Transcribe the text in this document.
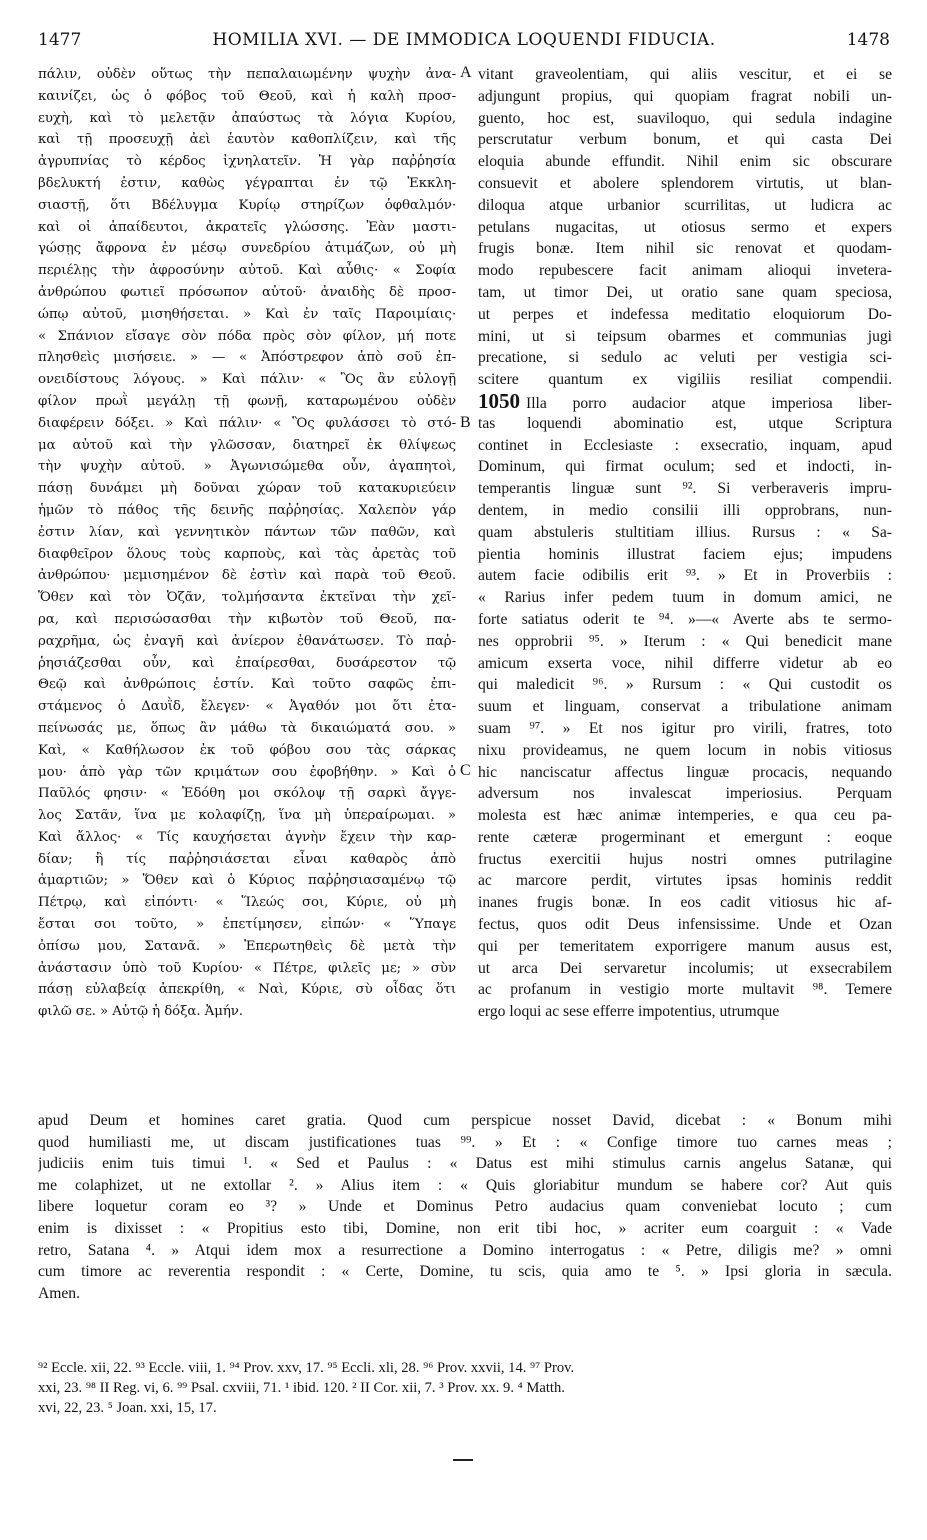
1477	HOMILIA XVI. — DE IMMODICA LOQUENDI FIDUCIA.	1478
πάλιν, οὐδὲν οὕτως τὴν πεπαλαιωμένην ψυχὴν ἀνα-
καινίζει, ὡς ὁ φόβος τοῦ Θεοῦ, καὶ ἡ καλὴ προσ-
ευχὴ, καὶ τὸ μελετᾷν ἀπαύστως τὰ λόγια Κυρίου,
καὶ τῇ προσευχῇ ἀεὶ ἑαυτὸν καθοπλίζειν, καὶ τῆς
ἀγρυπνίας τὸ κέρδος ἰχνηλατεῖν. Ἡ γὰρ παῤῥησία
βδελυκτή ἐστιν, καθὼς γέγραπται ἐν τῷ Ἐκκλη-
σιαστῇ, ὅτι Βδέλυγμα Κυρίῳ στηρίζων ὀφθαλμόν·
καὶ οἱ ἀπαίδευτοι, ἀκρατεῖς γλώσσης. Ἐὰν μαστι-
γώσῃς ἄφρονα ἐν μέσῳ συνεδρίου ἀτιμάζων, οὐ μὴ
περιέλῃς τὴν ἀφροσύνην αὐτοῦ. Καὶ αὖθις· « Σοφία
ἀνθρώπου φωτιεῖ πρόσωπον αὐτοῦ· ἀναιδὴς δὲ προσ-
ώπῳ αὐτοῦ, μισηθήσεται. » Καὶ ἐν ταῖς Παροιμίαις·
« Σπάνιον εἴσαγε σὸν πόδα πρὸς σὸν φίλον, μή ποτε
πλησθεὶς μισήσειε. » — « Ἀπόστρεφον ἀπὸ σοῦ ἐπ-
ονειδίστους λόγους. » Καὶ πάλιν· « Ὃς ἂν εὐλογῇ
φίλον πρωῒ μεγάλῃ τῇ φωνῇ, καταρωμένου οὐδὲν
διαφέρειν δόξει. » Καὶ πάλιν· « Ὃς φυλάσσει τὸ στό-
μα αὐτοῦ καὶ τὴν γλῶσσαν, διατηρεῖ ἐκ θλίψεως
τὴν ψυχὴν αὐτοῦ. » Ἀγωνισώμεθα οὖν, ἀγαπητοὶ,
πάσῃ δυνάμει μὴ δοῦναι χώραν τοῦ κατακυριεύειν
ἡμῶν τὸ πάθος τῆς δεινῆς παῤῥησίας. Χαλεπὸν γάρ
ἐστιν λίαν, καὶ γεννητικὸν πάντων τῶν παθῶν, καὶ
διαφθεῖρον ὅλους τοὺς καρποὺς, καὶ τὰς ἀρετὰς τοῦ
ἀνθρώπου· μεμισημένον δὲ ἐστὶν καὶ παρὰ τοῦ Θεοῦ.
Ὅθεν καὶ τὸν Ὀζᾶν, τολμήσαντα ἐκτεῖναι τὴν χεῖ-
ρα, καὶ περισώσασθαι τὴν κιβωτὸν τοῦ Θεοῦ, πα-
ραχρῆμα, ὡς ἐναγῆ καὶ ἀνίερον ἐθανάτωσεν. Τὸ παῤ-
ῥησιάζεσθαι οὖν, καὶ ἐπαίρεσθαι, δυσάρεστον τῷ
Θεῷ καὶ ἀνθρώποις ἐστίν. Καὶ τοῦτο σαφῶς ἐπι-
στάμενος ὁ Δαυῒδ, ἔλεγεν· « Ἀγαθόν μοι ὅτι ἐτα-
πείνωσάς με, ὅπως ἂν μάθω τὰ δικαιώματά σου. »
Καὶ, « Καθήλωσον ἐκ τοῦ φόβου σου τὰς σάρκας
μου· ἀπὸ γὰρ τῶν κριμάτων σου ἐφοβήθην. » Καὶ ὁ
Παῦλός φησιν· « Ἐδόθη μοι σκόλοψ τῇ σαρκὶ ἄγγε-
λος Σατᾶν, ἵνα με κολαφίζῃ, ἵνα μὴ ὑπεραίρωμαι. »
Καὶ ἄλλος· « Τίς καυχήσεται ἁγνὴν ἔχειν τὴν καρ-
δίαν; ἢ τίς παῤῥησιάσεται εἶναι καθαρὸς ἀπὸ
ἁμαρτιῶν; » Ὅθεν καὶ ὁ Κύριος παῤῥησιασαμένῳ τῷ
Πέτρῳ, καὶ εἰπόντι· « Ἵλεώς σοι, Κύριε, οὐ μὴ
ἔσται σοι τοῦτο, » ἐπετίμησεν, εἰπών· « Ὕπαγε
ὀπίσω μου, Σατανᾶ. » Ἐπερωτηθεὶς δὲ μετὰ τὴν
ἀνάστασιν ὑπὸ τοῦ Κυρίου· « Πέτρε, φιλεῖς με; » σὺν
πάσῃ εὐλαβείᾳ ἀπεκρίθη, « Ναὶ, Κύριε, σὺ οἶδας ὅτι
φιλῶ σε. » Αὐτῷ ἡ δόξα. Ἀμήν.
vitant graveolentiam, qui aliis vescitur, et ei se
adjungunt propius, qui quopiam fragrat nobili un-
guento, hoc est, suaviloquo, qui sedula indagine
perscrutatur verbum bonum, et qui casta Dei
eloquia abunde effundit. Nihil enim sic obscurare
consuevit et abolere splendorem virtutis, ut blan-
diloqua atque urbanior scurrilitas, ut ludicra ac
petulans nugacitas, ut otiosus sermo et expers
frugis bonæ. Item nihil sic renovat et quodam-
modo repubescere facit animam alioqui invetera-
tam, ut timor Dei, ut oratio sane quam speciosa,
ut perpes et indefessa meditatio eloquiorum Do-
mini, ut si teipsum obarmes et communias jugi
precatione, si sedulo ac veluti per vestigia sci-
scitere quantum ex vigiliis resiliat compendii.
1050 Illa porro audacior atque imperiosa liber-
tas loquendi abominatio est, utque Scriptura
continet in Ecclesiaste : exsecratio, inquam, apud
Dominum, qui firmat oculum; sed et indocti, in-
temperantis linguæ sunt ⁹². Si verberaveris impru-
dentem, in medio consilii illi opprobrans, nun-
quam abstuleris stultitiam illius. Rursus : « Sa-
pientia hominis illustrat faciem ejus; impudens
autem facie odibilis erit ⁹³. » Et in Proverbiis :
« Rarius infer pedem tuum in domum amici, ne
forte satiatus oderit te ⁹⁴. »—« Averte abs te sermo-
nes opprobrii ⁹⁵. » Iterum : « Qui benedicit mane
amicum exserta voce, nihil differre videtur ab eo
qui maledicit ⁹⁶. » Rursum : « Qui custodit os
suum et linguam, conservat a tribulatione animam
suam ⁹⁷. » Et nos igitur pro virili, fratres, toto
nixu provideamus, ne quem locum in nobis vitiosus
hic nanciscatur affectus linguæ procacis, nequando
adversum nos invalescat imperiosius. Perquam
molesta est hæc animæ intemperies, e qua ceu pa-
rente cæteræ progerminant et emergunt : eoque
fructus exercitii hujus nostri omnes putrilagine
ac marcore perdit, virtutes ipsas hominis reddit
inanes frugis bonæ. In eos cadit vitiosus hic af-
fectus, quos odit Deus infensissime. Unde et Ozan
qui per temeritatem exporrigere manum ausus est,
ut arca Dei servaretur incolumis; ut exsecrabilem
ac profanum in vestigio morte multavit ⁹⁸. Temere
ergo loqui ac sese efferre impotentius, utrumque
A
B
C
apud Deum et homines caret gratia. Quod cum perspicue nosset David, dicebat : « Bonum mihi
quod humiliasti me, ut discam justificationes tuas ⁹⁹. » Et : « Confige timore tuo carnes meas ;
judiciis enim tuis timui ¹. « Sed et Paulus : « Datus est mihi stimulus carnis angelus Satanæ, qui
me colaphizet, ut ne extollar ². » Alius item : « Quis gloriabitur mundum se habere cor? Aut quis
libere loquetur coram eo ³? » Unde et Dominus Petro audacius quam conveniebat locuto ; cum
enim is dixisset : « Propitius esto tibi, Domine, non erit tibi hoc, » acriter eum coarguit : « Vade
retro, Satana ⁴. » Atqui idem mox a resurrectione a Domino interrogatus : « Petre, diligis me? » omni
cum timore ac reverentia respondit : « Certe, Domine, tu scis, quia amo te ⁵. » Ipsi gloria in sæcula.
Amen.
⁹² Eccle. xii, 22. ⁹³ Eccle. viii, 1. ⁹⁴ Prov. xxv, 17. ⁹⁵ Eccli. xli, 28. ⁹⁶ Prov. xxvii, 14. ⁹⁷ Prov.
xxi, 23. ⁹⁸ II Reg. vi, 6. ⁹⁹ Psal. cxviii, 71. ¹ ibid. 120. ² II Cor. xii, 7. ³ Prov. xx. 9. ⁴ Matth.
xvi, 22, 23. ⁵ Joan. xxi, 15, 17.
